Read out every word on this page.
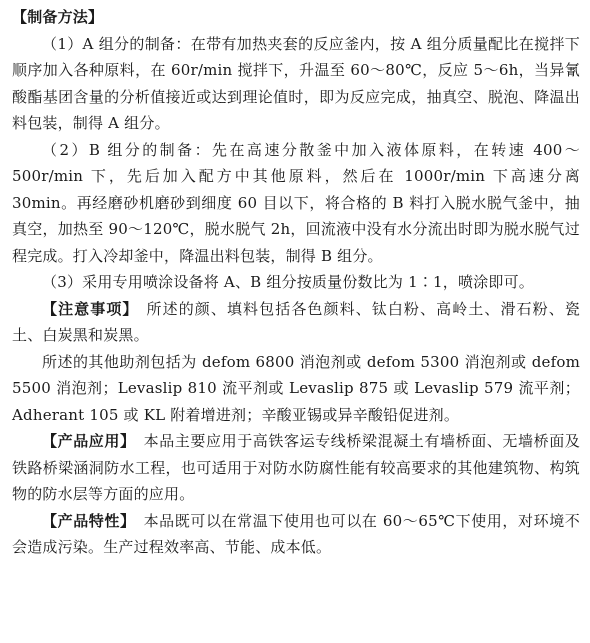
【制备方法】

（1）A 组分的制备：在带有加热夹套的反应釜内，按 A 组分质量配比在搅拌下顺序加入各种原料，在 60r/min 搅拌下，升温至 60～80℃，反应 5～6h，当异氰酸酯基团含量的分析值接近或达到理论值时，即为反应完成，抽真空、脱泡、降温出料包装，制得 A 组分。

（2）B 组分的制备：先在高速分散釜中加入液体原料，在转速 400～500r/min 下，先后加入配方中其他原料，然后在 1000r/min 下高速分离 30min。再经磨砂机磨砂到细度 60 目以下，将合格的 B 料打入脱水脱气釜中，抽真空，加热至 90～120℃，脱水脱气 2h，回流液中没有水分流出时即为脱水脱气过程完成。打入冷却釜中，降温出料包装，制得 B 组分。

（3）采用专用喷涂设备将 A、B 组分按质量份数比为 1∶1，喷涂即可。

【注意事项】 所述的颜、填料包括各色颜料、钛白粉、高岭土、滑石粉、瓷土、白炭黑和炭黑。

所述的其他助剂包括为 defom 6800 消泡剂或 defom 5300 消泡剂或 defom 5500 消泡剂；Levaslip 810 流平剂或 Levaslip 875 或 Levaslip 579 流平剂；Adherant 105 或 KL 附着增进剂；辛酸亚锡或异辛酸铅促进剂。

【产品应用】 本品主要应用于高铁客运专线桥梁混凝土有墙桥面、无墙桥面及铁路桥梁涵洞防水工程，也可适用于对防水防腐性能有较高要求的其他建筑物、构筑物的防水层等方面的应用。

【产品特性】 本品既可以在常温下使用也可以在 60～65℃下使用，对环境不会造成污染。生产过程效率高、节能、成本低。
